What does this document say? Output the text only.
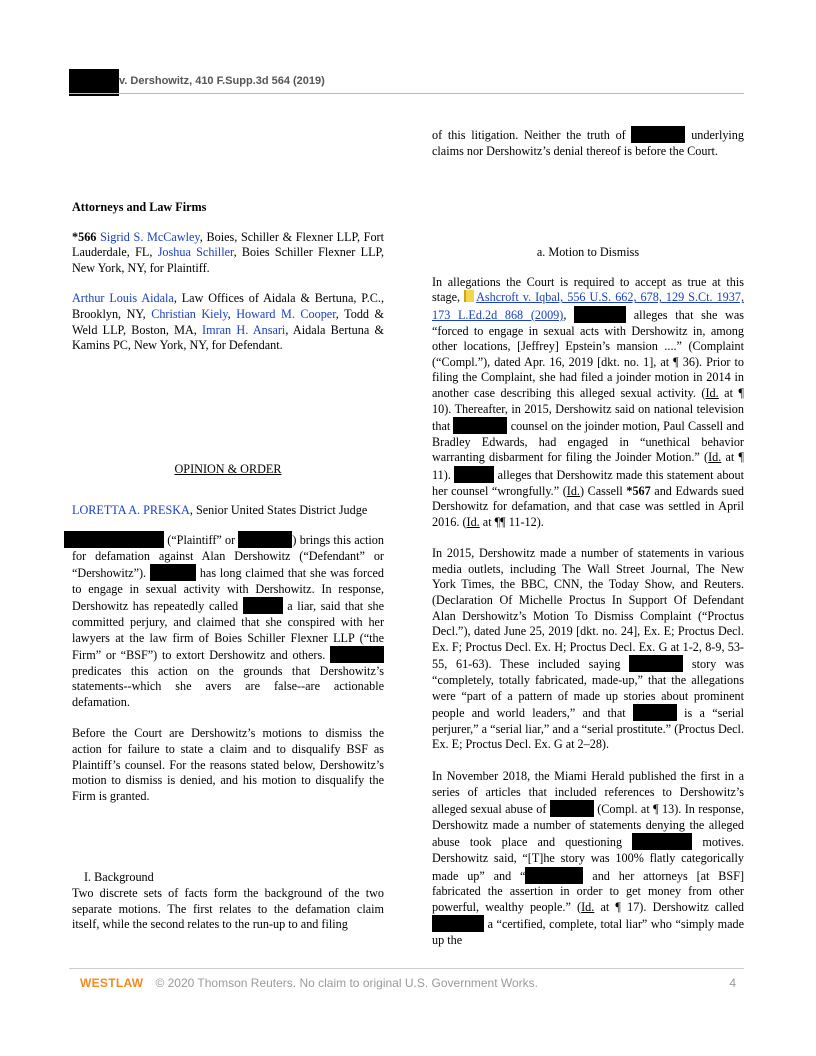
v. Dershowitz, 410 F.Supp.3d 564 (2019)

Attorneys and Law Firms

*566 Sigrid S. McCawley, Boies, Schiller & Flexner LLP, Fort Lauderdale, FL, Joshua Schiller, Boies Schiller Flexner LLP, New York, NY, for Plaintiff.

Arthur Louis Aidala, Law Offices of Aidala & Bertuna, P.C., Brooklyn, NY, Christian Kiely, Howard M. Cooper, Todd & Weld LLP, Boston, MA, Imran H. Ansari, Aidala Bertuna & Kamins PC, New York, NY, for Defendant.

OPINION & ORDER

LORETTA A. PRESKA, Senior United States District Judge

(“Plaintiff” or	) brings this action for defamation against Alan Dershowitz (“Defendant” or “Dershowitz”).	has long claimed that she was forced to engage in sexual activity with Dershowitz. In response, Dershowitz has repeatedly called	a liar, said that she committed perjury, and claimed that she conspired with her lawyers at the law firm of Boies Schiller Flexner LLP (“the Firm” or “BSF”) to extort Dershowitz and others.  predicates this action on the grounds that Dershowitz’s statements--which she avers are false--are actionable defamation.

Before the Court are Dershowitz’s motions to dismiss the action for failure to state a claim and to disqualify BSF as Plaintiff’s counsel. For the reasons stated below, Dershowitz’s motion to dismiss is denied, and his motion to disqualify the Firm is granted.

I. Background

Two discrete sets of facts form the background of the two separate motions. The first relates to the defamation claim itself, while the second relates to the run-up to and filing

of this litigation. Neither the truth of	underlying claims nor Dershowitz’s denial thereof is before the Court.

a. Motion to Dismiss

In allegations the Court is required to accept as true at this stage, Ashcroft v. Iqbal, 556 U.S. 662, 678, 129 S.Ct. 1937, 173 L.Ed.2d 868 (2009),	alleges that she was “forced to engage in sexual acts with Dershowitz in, among other locations, [Jeffrey] Epstein’s mansion ....” (Complaint (“Compl.”), dated Apr. 16, 2019 [dkt. no. 1], at ¶ 36). Prior to filing the Complaint, she had filed a joinder motion in 2014 in another case describing this alleged sexual activity. (Id. at ¶ 10). Thereafter, in 2015, Dershowitz said on national television that	counsel on the joinder motion, Paul Cassell and Bradley Edwards, had engaged in “unethical behavior warranting disbarment for filing the Joinder Motion.” (Id. at ¶ 11).	alleges that Dershowitz made this statement about her counsel “wrongfully.” (Id.) Cassell *567 and Edwards sued Dershowitz for defamation, and that case was settled in April 2016. (Id. at ¶¶ 11-12).

In 2015, Dershowitz made a number of statements in various media outlets, including The Wall Street Journal, The New York Times, the BBC, CNN, the Today Show, and Reuters. (Declaration Of Michelle Proctus In Support Of Defendant Alan Dershowitz’s Motion To Dismiss Complaint (“Proctus Decl.”), dated June 25, 2019 [dkt. no. 24], Ex. E; Proctus Decl. Ex. F; Proctus Decl. Ex. H; Proctus Decl. Ex. G at 1-2, 8-9, 53-55, 61-63). These included saying	story was “completely, totally fabricated, made-up,” that the allegations were “part of a pattern of made up stories about prominent people and world leaders,” and that	is a “serial perjurer,” a “serial liar,” and a “serial prostitute.” (Proctus Decl. Ex. E; Proctus Decl. Ex. G at 2–28).

In November 2018, the Miami Herald published the first in a series of articles that included references to Dershowitz’s alleged sexual abuse of	(Compl. at ¶ 13). In response, Dershowitz made a number of statements denying the alleged abuse took place and questioning	motives. Dershowitz said, “[T]he story was 100% flatly categorically made up” and “	and her attorneys [at BSF] fabricated the assertion in order to get money from other powerful, wealthy people.” (Id. at ¶ 17). Dershowitz called  a “certified, complete, total liar” who “simply made up the

WESTLAW © 2020 Thomson Reuters. No claim to original U.S. Government Works.	4
